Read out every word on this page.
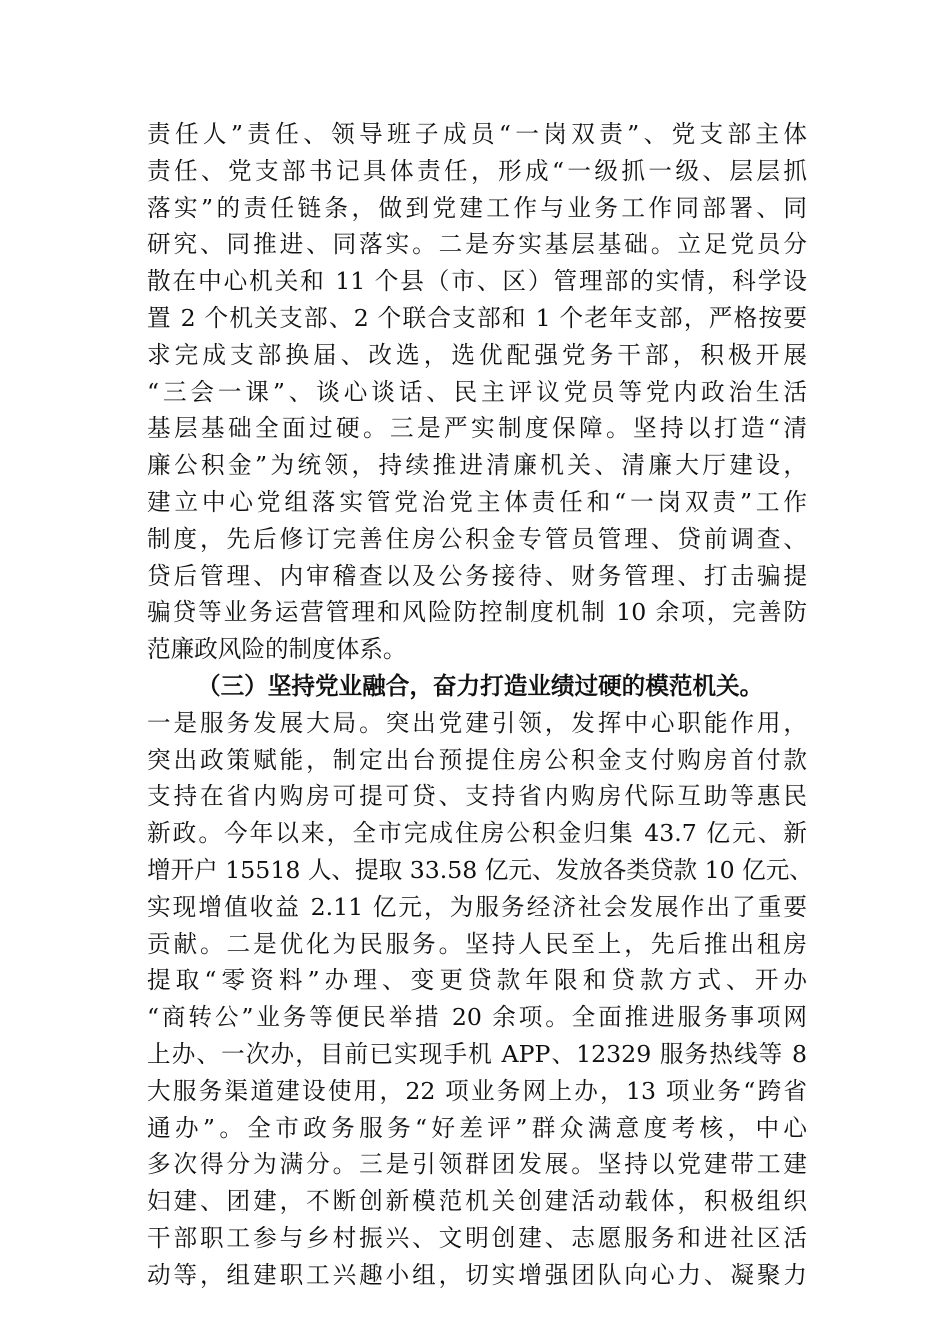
责任人”责任、领导班子成员“一岗双责”、党支部主体
责任、党支部书记具体责任，形成“一级抓一级、层层抓
落实”的责任链条，做到党建工作与业务工作同部署、同
研究、同推进、同落实。二是夯实基层基础。立足党员分
散在中心机关和 11 个县（市、区）管理部的实情，科学设
置 2 个机关支部、2 个联合支部和 1 个老年支部，严格按要
求完成支部换届、改选，选优配强党务干部，积极开展
“三会一课”、谈心谈话、民主评议党员等党内政治生活
基层基础全面过硬。三是严实制度保障。坚持以打造“清
廉公积金”为统领，持续推进清廉机关、清廉大厅建设，
建立中心党组落实管党治党主体责任和“一岗双责”工作
制度，先后修订完善住房公积金专管员管理、贷前调查、
贷后管理、内审稽查以及公务接待、财务管理、打击骗提
骗贷等业务运营管理和风险防控制度机制 10 余项，完善防
范廉政风险的制度体系。
（三）坚持党业融合，奋力打造业绩过硬的模范机关。
一是服务发展大局。突出党建引领，发挥中心职能作用，
突出政策赋能，制定出台预提住房公积金支付购房首付款
支持在省内购房可提可贷、支持省内购房代际互助等惠民
新政。今年以来，全市完成住房公积金归集 43.7 亿元、新
增开户 15518 人、提取 33.58 亿元、发放各类贷款 10 亿元、
实现增值收益 2.11 亿元，为服务经济社会发展作出了重要
贡献。二是优化为民服务。坚持人民至上，先后推出租房
提取“零资料”办理、变更贷款年限和贷款方式、开办
“商转公”业务等便民举措 20 余项。全面推进服务事项网
上办、一次办，目前已实现手机 APP、12329 服务热线等 8
大服务渠道建设使用，22 项业务网上办，13 项业务“跨省
通办”。全市政务服务“好差评”群众满意度考核，中心
多次得分为满分。三是引领群团发展。坚持以党建带工建
妇建、团建，不断创新模范机关创建活动载体，积极组织
干部职工参与乡村振兴、文明创建、志愿服务和进社区活
动等，组建职工兴趣小组，切实增强团队向心力、凝聚力
